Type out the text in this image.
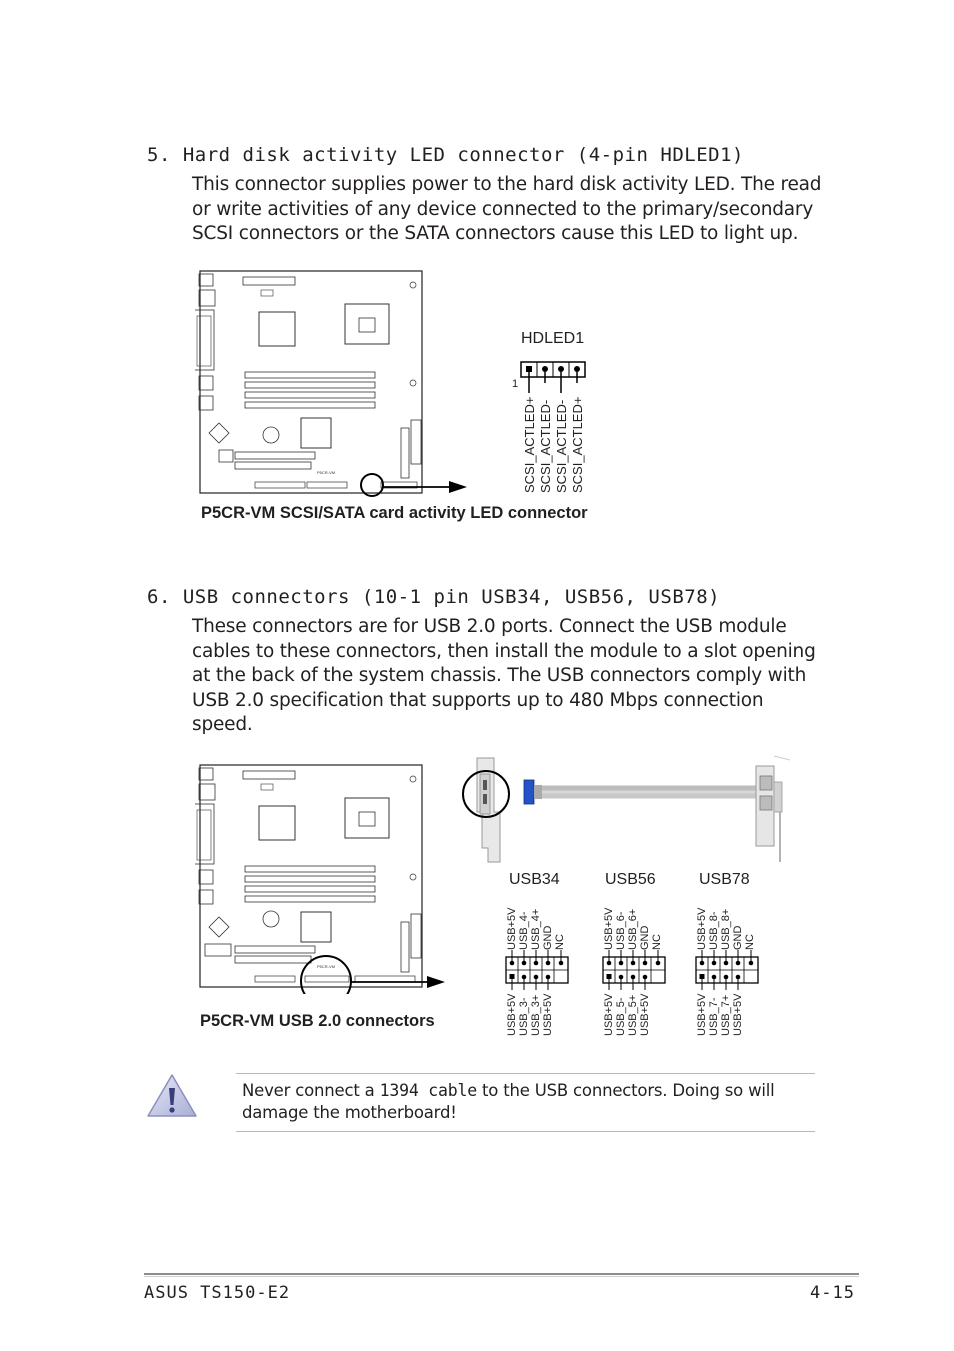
5. Hard disk activity LED connector (4-pin HDLED1)
This connector supplies power to the hard disk activity LED. The read or write activities of any device connected to the primary/secondary SCSI connectors or the SATA connectors cause this LED to light up.
P5CR-VM
HDLED1
1
SCSI_ACTLED+ SCSI_ACTLED- SCSI_ACTLED- SCSI_ACTLED+
P5CR-VM SCSI/SATA card activity LED connector
6. USB connectors (10-1 pin USB34, USB56, USB78)
These connectors are for USB 2.0 ports. Connect the USB module cables to these connectors, then install the module to a slot opening at the back of the system chassis. The USB connectors comply with USB 2.0 specification that supports up to 480 Mbps connection speed.
P5CR-VM
USB34	USB56	USB78
USB+5V USB_4- USB_4+ GND NC	USB+5V USB_6- USB_6+ GND NC	USB+5V USB_8- USB_8+ GND NC
USB+5V USB_3- USB_3+ USB+5V	USB+5V USB_5- USB_5+ USB+5V	USB+5V USB_7- USB_7+ USB+5V
P5CR-VM USB 2.0 connectors
Never connect a 1394 cable to the USB connectors. Doing so will damage the motherboard!
ASUS TS150-E2	4-15
